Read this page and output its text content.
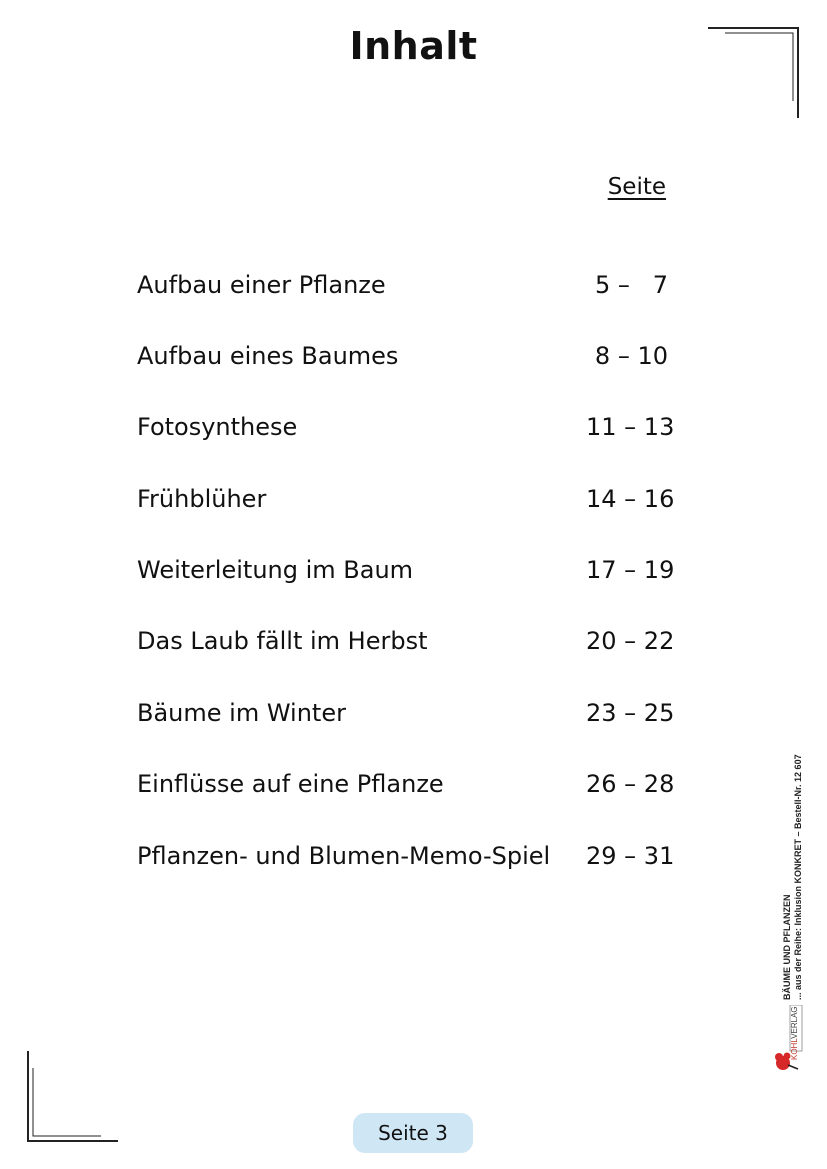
Inhalt
Seite
Aufbau einer Pflanze	5 –   7
Aufbau eines Baumes	8 – 10
Fotosynthese	11 – 13
Frühblüher	14 – 16
Weiterleitung im Baum	17 – 19
Das Laub fällt im Herbst	20 – 22
Bäume im Winter	23 – 25
Einflüsse auf eine Pflanze	26 – 28
Pflanzen- und Blumen-Memo-Spiel 29 – 31
BÄUME UND PFLANZEN ... aus der Reihe: Inklusion KONKRET – Bestell-Nr. 12 607
KOHLVERLAG
Seite 3
